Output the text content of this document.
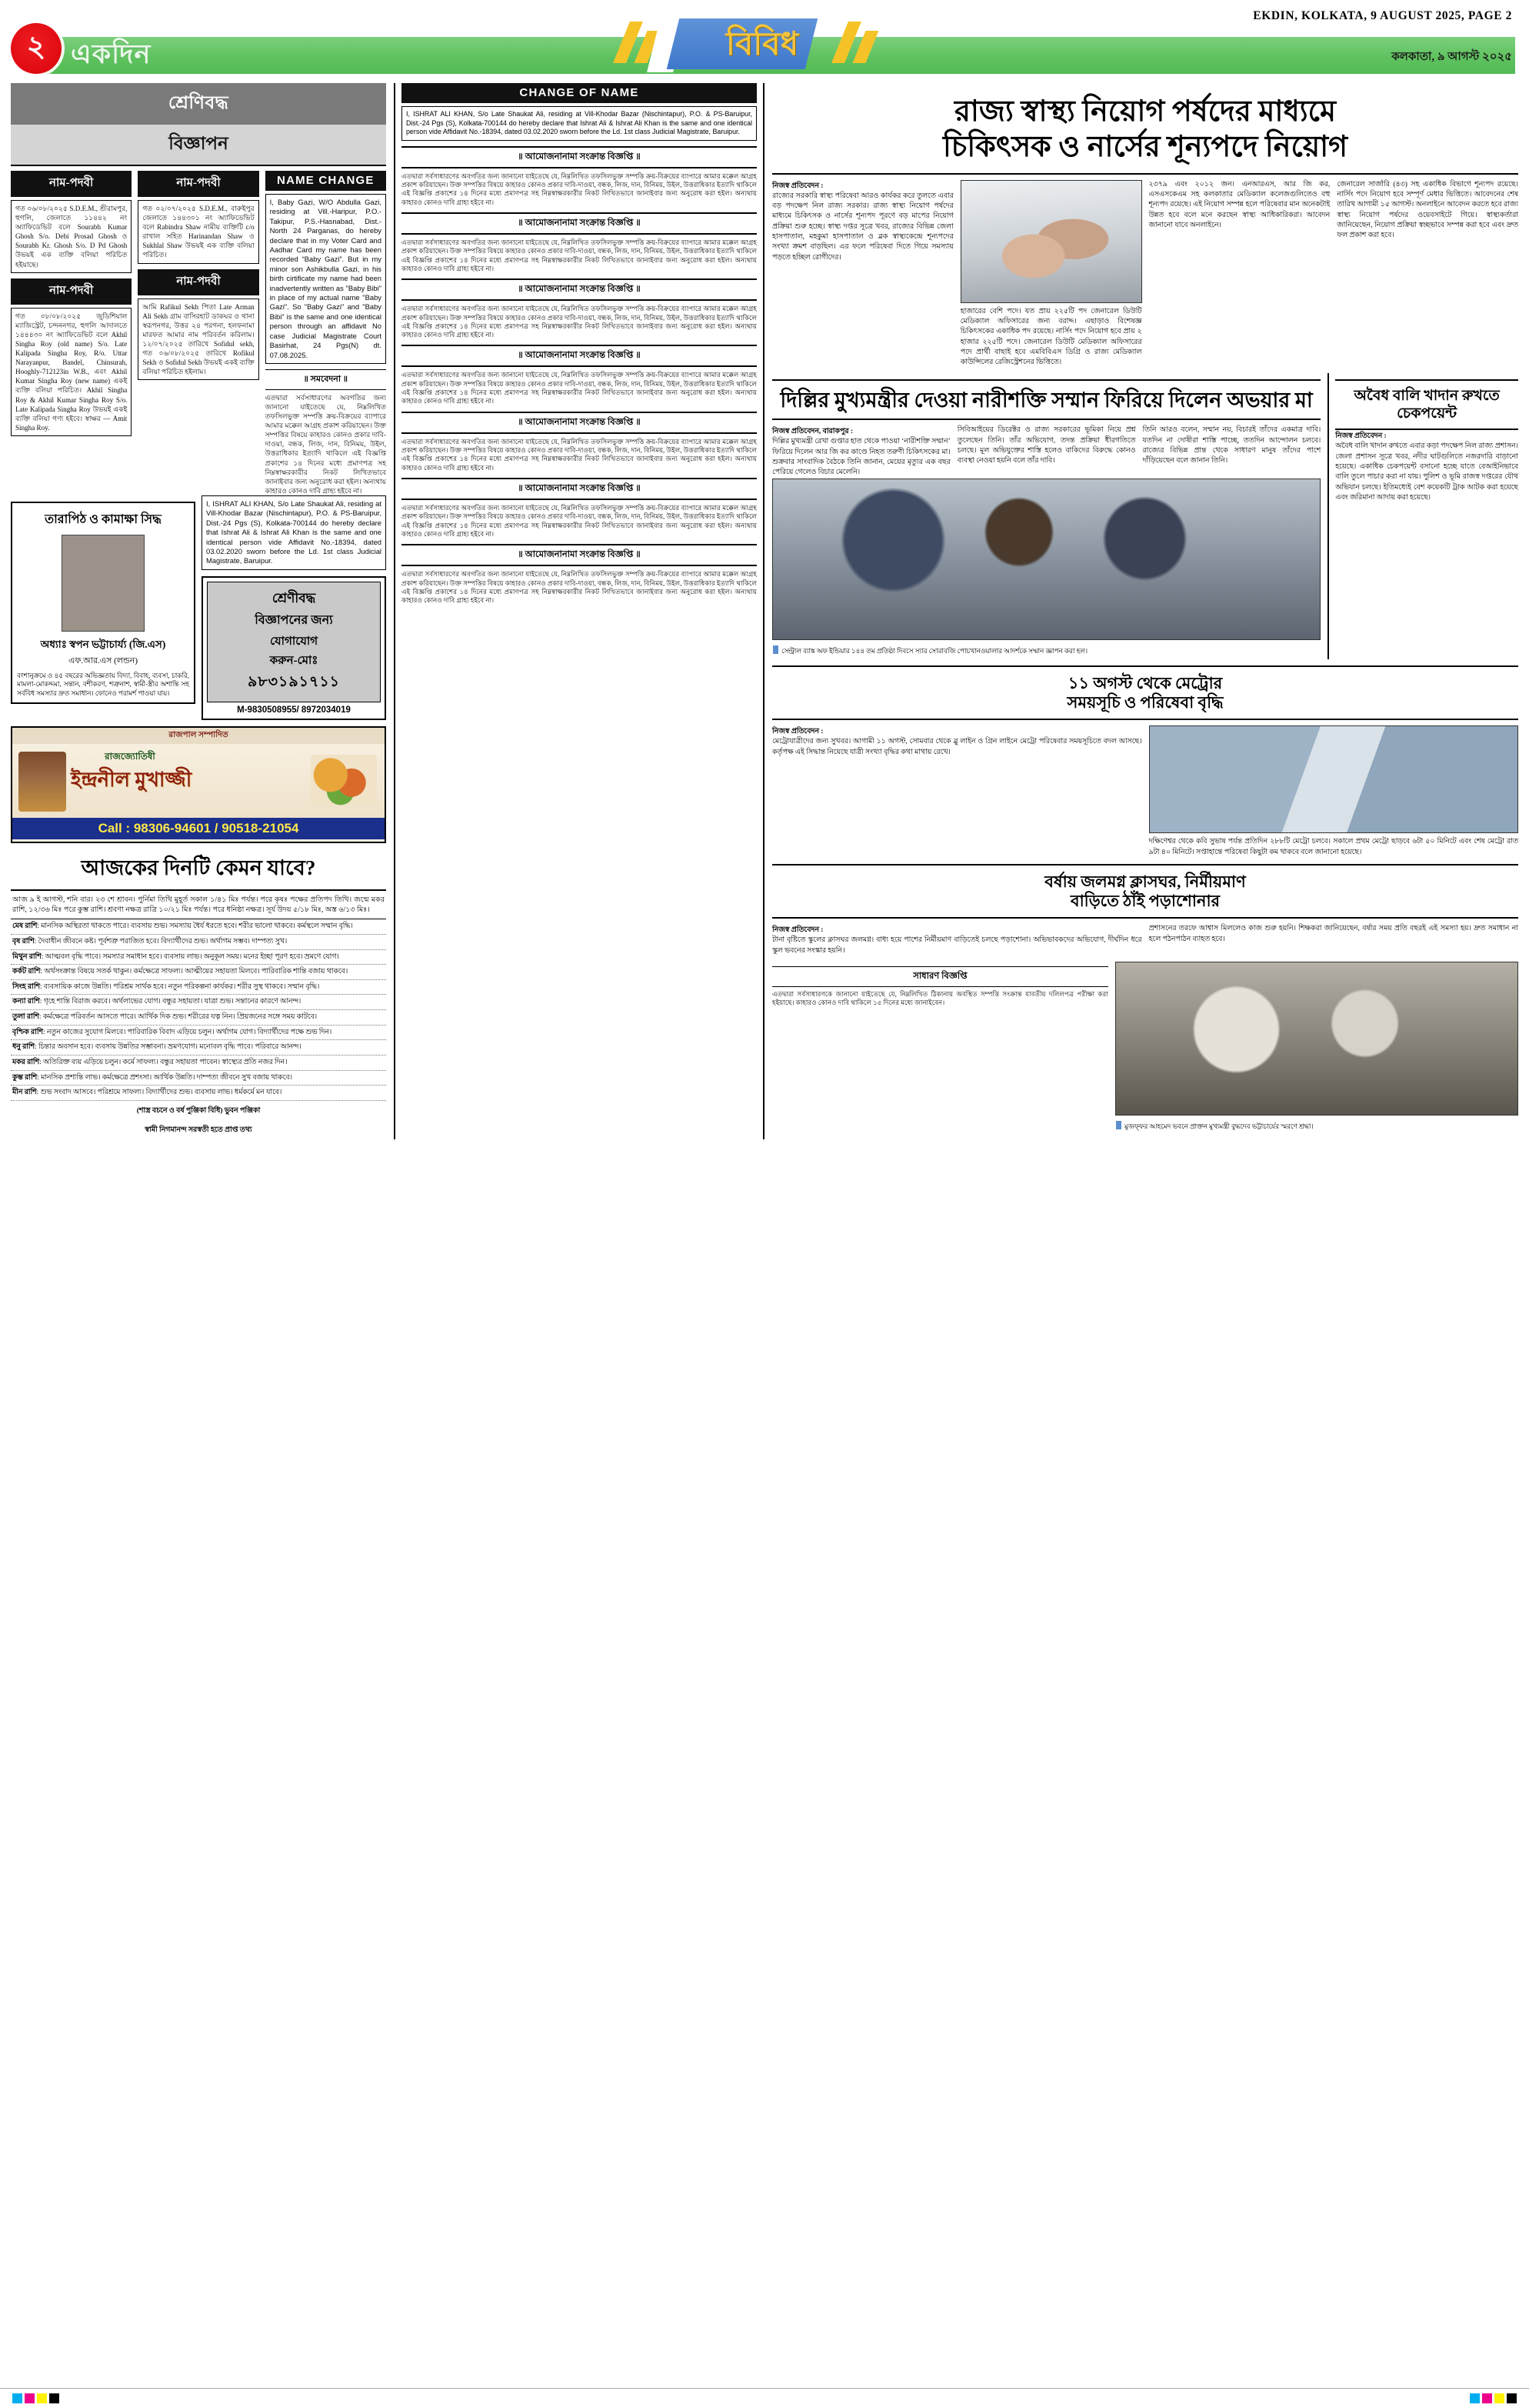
২ একদিন	বিবিধ
EKDIN, KOLKATA, 9 AUGUST 2025, PAGE 2
কলকাতা, ৯ আগস্ট ২০২৫
শ্রেণিবদ্ধ
বিজ্ঞাপন
নাম-পদবী
গত ০৬/০৮/২০২৫ S.D.E.M., শ্রীরামপুর, হুগলি, জেলাতে ১১৪৪২ নং অ্যাফিডেভিট বলে Sourabh Kumar Ghosh S/o. Debi Prosad Ghosh ও Sourabh Kr. Ghosh S/o. D Pd Ghosh উভয়ই এক ব্যক্তি বলিয়া পরিচিত হইয়াছে।
নাম-পদবী
গত ০৮/০৮/২০২৫ জুডিশিয়াল ম্যাজিস্ট্রেট, চন্দননগর, হুগলি আদালতে ১৪৪৪৩০ নং অ্যাফিডেভিট বলে Akhil Singha Roy (old name) S/o. Late Kalipada Singha Roy, R/o. Uttar Narayanpur, Bandel, Chinsurah, Hooghly-712123in W.B., এবং Akhil Kumar Singha Roy (new name) একই ব্যক্তি বলিয়া পরিচিত। Akhil Singha Roy & Akhil Kumar Singha Roy S/o. Late Kalipada Singha Roy উভয়ই একই ব্যক্তি বলিয়া গণ্য হইবে। স্বাক্ষর — Amit Singha Roy.
নাম-পদবী
গত ০২/০৭/২০২৫ S.D.E.M., বারুইপুর জেলাতে ১৪৪৩০১ নং অ্যাফিডেভিট বলে Rabindra Shaw নামীয় ব্যক্তিটি c/o রাখাল সহিত Harinandan Shaw ও Sukhlal Shaw উভয়ই এক ব্যক্তি বলিয়া পরিচিত।
নাম-পদবী
আমি Rafikul Sekh পিতা Late Arman Ali Sekh গ্রাম বাসিরহাট ডাকঘর ও থানা স্বরূপনগর, উত্তর ২৪ পরগনা, হলফনামা মারফত আমার নাম পরিবর্তন করিলাম। ১২/০৭/২০২৫ তারিখে Sofidul sekh, গত ০৬/০৮/২০২৫ তারিখে Rofikul Sekh ও Sofidul Sekh উভয়ই একই ব্যক্তি বলিয়া পরিচিত হইলাম।
NAME CHANGE
I, Baby Gazi, W/O Abdulla Gazi, residing at Vill.-Haripur, P.O.-Takipur, P.S.-Hasnabad, Dist.-North 24 Parganas, do hereby declare that in my Voter Card and Aadhar Card my name has been recorded “Baby Gazi”. But in my minor son Ashikbulla Gazi, in his birth cirtificate my name had been inadvertently written as "Baby Bibi" in place of my actual name "Baby Gazi". So "Baby Gazi" and "Baby Bibi" is the same and one identical person through an affidavit No case Judicial Magistrate Court Basirhat, 24 Pgs(N) dt. 07.08.2025.
॥ সমবেদনা ॥
এতদ্বারা সর্বসাধারণের অবগতির জন্য জানানো যাইতেছে যে, নিম্নলিখিত তফসিলভুক্ত সম্পত্তি ক্রয়-বিক্রয়ের ব্যাপারে আমার মক্কেল আগ্রহ প্রকাশ করিয়াছেন। উক্ত সম্পত্তির বিষয়ে কাহারও কোনও প্রকার দাবি-দাওয়া, বন্ধক, লিজ, দান, বিনিময়, উইল, উত্তরাধিকার ইত্যাদি থাকিলে এই বিজ্ঞপ্তি প্রকাশের ১৪ দিনের মধ্যে প্রমাণপত্র সহ নিম্নস্বাক্ষরকারীর নিকট লিখিতভাবে জানাইবার জন্য অনুরোধ করা হইল। অন্যথায় কাহারও কোনও দাবি গ্রাহ্য হইবে না।
তারাপিঠ ও কামাক্ষা সিদ্ধ
অধ্যাঃ স্বপন ভট্টাচার্য্য (জি.এস)
এফ.আর.এস (লন্ডন)
বংশানুক্রমে ও ৪৫ বছরের অভিজ্ঞতায় বিদ্যা, বিবাহ, ব্যবসা, চাকরি, মামলা-মোকদ্দমা, সন্তান, বশীকরণ, শত্রুনাশ, স্বামী-স্ত্রীর অশান্তি সহ সর্ববিধ সমস্যার দ্রুত সমাধান। ফোনেও পরামর্শ পাওয়া যায়।
I, ISHRAT ALI KHAN, S/o Late Shaukat Ali, residing at Vill-Khodar Bazar (Nischintapur), P.O. & PS-Baruipur, Dist.-24 Pgs (S), Kolkata-700144 do hereby declare that Ishrat Ali & Ishrat Ali Khan is the same and one identical person vide Affidavit No.-18394, dated 03.02.2020 sworn before the Ld. 1st class Judicial Magistrate, Baruipur.
শ্রেণীবদ্ধ
বিজ্ঞাপনের জন্য
যোগাযোগ
করুন-মোঃ
৯৮৩১৯১৭১১
M-9830508955/ 8972034019
রাজপাল সম্পাদিত
রাজজ্যোতিষী
ইন্দ্রনীল মুখাজ্জী
Call : 98306-94601 / 90518-21054
আজকের দিনটি কেমন যাবে?
আজ ৯ ই আগস্ট, শনি বার। ২৩ শে শ্রাবন। পুর্নিমা তিথি মুহূর্ত সকাল ১/৪১ মিঃ পর্যন্ত। পরে কৃষঃ পক্ষের প্রতিপদ তিথি। জন্মে মকর রাশি, ১২/৩৬ মিঃ পরে কুম্ভ রাশি। শ্রবণা নক্ষত্র রাত্রি ১০/২১ মিঃ পর্যন্ত। পরে ধনিষ্ঠা নক্ষত্র। সূর্য উদয় ৫/১৮ মিঃ, অস্ত ৬/১৩ মিঃ।
মেষ রাশি: মানসিক অস্থিরতা থাকতে পারে। ব্যবসায় শুভ। সমস্যায় ধৈর্য ধরতে হবে। শরীর ভালো থাকবে। কর্মস্থলে সম্মান বৃদ্ধি।
বৃষ রাশি: দৈবাধীন জীবনে কষ্ট। পূর্বশত্রু পরাজিত হবে। বিদ্যার্থীদের শুভ। অর্থাগম সম্ভব। দাম্পত্য সুখ।
মিথুন রাশি: আত্মবল বৃদ্ধি পাবে। সমস্যার সমাধান হবে। ব্যবসায় লাভ। অনুকূল সময়। মনের ইচ্ছা পূরণ হবে। ভ্রমণে যোগ।
কর্কট রাশি: অর্থসংক্রান্ত বিষয়ে সতর্ক থাকুন। কর্মক্ষেত্রে সাফল্য। আত্মীয়ের সহায়তা মিলবে। পারিবারিক শান্তি বজায় থাকবে।
সিংহ রাশি: ব্যবসায়িক কাজে উন্নতি। পরিশ্রম সার্থক হবে। নতুন পরিকল্পনা কার্যকর। শরীর সুস্থ থাকবে। সম্মান বৃদ্ধি।
কন্যা রাশি: গৃহে শান্তি বিরাজ করবে। অর্থলাভের যোগ। বন্ধুর সহায়তা। যাত্রা শুভ। সন্তানের কারণে আনন্দ।
তুলা রাশি: কর্মক্ষেত্রে পরিবর্তন আসতে পারে। আর্থিক দিক শুভ। শরীরের যত্ন নিন। প্রিয়জনের সঙ্গে সময় কাটবে।
বৃশ্চিক রাশি: নতুন কাজের সুযোগ মিলবে। পারিবারিক বিবাদ এড়িয়ে চলুন। অর্থাগম যোগ। বিদ্যার্থীদের পক্ষে শুভ দিন।
ধনু রাশি: চিন্তার অবসান হবে। ব্যবসায় উন্নতির সম্ভাবনা। ভ্রমণযোগ। মনোবল বৃদ্ধি পাবে। পরিবারে আনন্দ।
মকর রাশি: অতিরিক্ত ব্যয় এড়িয়ে চলুন। কর্মে সাফল্য। বন্ধুর সহায়তা পাবেন। স্বাস্থ্যের প্রতি নজর দিন।
কুম্ভ রাশি: মানসিক প্রশান্তি লাভ। কর্মক্ষেত্রে প্রশংসা। আর্থিক উন্নতি। দাম্পত্য জীবনে সুখ বজায় থাকবে।
মীন রাশি: শুভ সংবাদ আসবে। পরিশ্রমে সাফল্য। বিদ্যার্থীদের শুভ। ব্যবসায় লাভ। ধর্মকর্মে মন যাবে।
(শাস্ত্র বচনে ও বর্ষ পুঞ্জিকা বিধি) ভুবন পঞ্জিকা
স্বামী নিগমানন্দ সরস্বতী হতে প্রাপ্ত তথ্য
CHANGE OF NAME
I, ISHRAT ALI KHAN, S/o Late Shaukat Ali, residing at Vill-Khodar Bazar (Nischintapur), P.O. & PS-Baruipur, Dist.-24 Pgs (S), Kolkata-700144 do hereby declare that Ishrat Ali & Ishrat Ali Khan is the same and one identical person vide Affidavit No.-18394, dated 03.02.2020 sworn before the Ld. 1st class Judicial Magistrate, Baruipur.
॥ আমোজনানামা সংক্রান্ত বিজ্ঞপ্তি ॥
এতদ্বারা সর্বসাধারণের অবগতির জন্য জানানো যাইতেছে যে, নিম্নলিখিত তফসিলভুক্ত সম্পত্তি ক্রয়-বিক্রয়ের ব্যাপারে আমার মক্কেল আগ্রহ প্রকাশ করিয়াছেন। উক্ত সম্পত্তির বিষয়ে কাহারও কোনও প্রকার দাবি-দাওয়া, বন্ধক, লিজ, দান, বিনিময়, উইল, উত্তরাধিকার ইত্যাদি থাকিলে এই বিজ্ঞপ্তি প্রকাশের ১৪ দিনের মধ্যে প্রমাণপত্র সহ নিম্নস্বাক্ষরকারীর নিকট লিখিতভাবে জানাইবার জন্য অনুরোধ করা হইল। অন্যথায় কাহারও কোনও দাবি গ্রাহ্য হইবে না।
॥ আমোজনানামা সংক্রান্ত বিজ্ঞপ্তি ॥
এতদ্বারা সর্বসাধারণের অবগতির জন্য জানানো যাইতেছে যে, নিম্নলিখিত তফসিলভুক্ত সম্পত্তি ক্রয়-বিক্রয়ের ব্যাপারে আমার মক্কেল আগ্রহ প্রকাশ করিয়াছেন। উক্ত সম্পত্তির বিষয়ে কাহারও কোনও প্রকার দাবি-দাওয়া, বন্ধক, লিজ, দান, বিনিময়, উইল, উত্তরাধিকার ইত্যাদি থাকিলে এই বিজ্ঞপ্তি প্রকাশের ১৪ দিনের মধ্যে প্রমাণপত্র সহ নিম্নস্বাক্ষরকারীর নিকট লিখিতভাবে জানাইবার জন্য অনুরোধ করা হইল। অন্যথায় কাহারও কোনও দাবি গ্রাহ্য হইবে না।
॥ আমোজনানামা সংক্রান্ত বিজ্ঞপ্তি ॥
এতদ্বারা সর্বসাধারণের অবগতির জন্য জানানো যাইতেছে যে, নিম্নলিখিত তফসিলভুক্ত সম্পত্তি ক্রয়-বিক্রয়ের ব্যাপারে আমার মক্কেল আগ্রহ প্রকাশ করিয়াছেন। উক্ত সম্পত্তির বিষয়ে কাহারও কোনও প্রকার দাবি-দাওয়া, বন্ধক, লিজ, দান, বিনিময়, উইল, উত্তরাধিকার ইত্যাদি থাকিলে এই বিজ্ঞপ্তি প্রকাশের ১৪ দিনের মধ্যে প্রমাণপত্র সহ নিম্নস্বাক্ষরকারীর নিকট লিখিতভাবে জানাইবার জন্য অনুরোধ করা হইল। অন্যথায় কাহারও কোনও দাবি গ্রাহ্য হইবে না।
॥ আমোজনানামা সংক্রান্ত বিজ্ঞপ্তি ॥
এতদ্বারা সর্বসাধারণের অবগতির জন্য জানানো যাইতেছে যে, নিম্নলিখিত তফসিলভুক্ত সম্পত্তি ক্রয়-বিক্রয়ের ব্যাপারে আমার মক্কেল আগ্রহ প্রকাশ করিয়াছেন। উক্ত সম্পত্তির বিষয়ে কাহারও কোনও প্রকার দাবি-দাওয়া, বন্ধক, লিজ, দান, বিনিময়, উইল, উত্তরাধিকার ইত্যাদি থাকিলে এই বিজ্ঞপ্তি প্রকাশের ১৪ দিনের মধ্যে প্রমাণপত্র সহ নিম্নস্বাক্ষরকারীর নিকট লিখিতভাবে জানাইবার জন্য অনুরোধ করা হইল। অন্যথায় কাহারও কোনও দাবি গ্রাহ্য হইবে না।
॥ আমোজনানামা সংক্রান্ত বিজ্ঞপ্তি ॥
এতদ্বারা সর্বসাধারণের অবগতির জন্য জানানো যাইতেছে যে, নিম্নলিখিত তফসিলভুক্ত সম্পত্তি ক্রয়-বিক্রয়ের ব্যাপারে আমার মক্কেল আগ্রহ প্রকাশ করিয়াছেন। উক্ত সম্পত্তির বিষয়ে কাহারও কোনও প্রকার দাবি-দাওয়া, বন্ধক, লিজ, দান, বিনিময়, উইল, উত্তরাধিকার ইত্যাদি থাকিলে এই বিজ্ঞপ্তি প্রকাশের ১৪ দিনের মধ্যে প্রমাণপত্র সহ নিম্নস্বাক্ষরকারীর নিকট লিখিতভাবে জানাইবার জন্য অনুরোধ করা হইল। অন্যথায় কাহারও কোনও দাবি গ্রাহ্য হইবে না।
॥ আমোজনানামা সংক্রান্ত বিজ্ঞপ্তি ॥
এতদ্বারা সর্বসাধারণের অবগতির জন্য জানানো যাইতেছে যে, নিম্নলিখিত তফসিলভুক্ত সম্পত্তি ক্রয়-বিক্রয়ের ব্যাপারে আমার মক্কেল আগ্রহ প্রকাশ করিয়াছেন। উক্ত সম্পত্তির বিষয়ে কাহারও কোনও প্রকার দাবি-দাওয়া, বন্ধক, লিজ, দান, বিনিময়, উইল, উত্তরাধিকার ইত্যাদি থাকিলে এই বিজ্ঞপ্তি প্রকাশের ১৪ দিনের মধ্যে প্রমাণপত্র সহ নিম্নস্বাক্ষরকারীর নিকট লিখিতভাবে জানাইবার জন্য অনুরোধ করা হইল। অন্যথায় কাহারও কোনও দাবি গ্রাহ্য হইবে না।
॥ আমোজনানামা সংক্রান্ত বিজ্ঞপ্তি ॥
এতদ্বারা সর্বসাধারণের অবগতির জন্য জানানো যাইতেছে যে, নিম্নলিখিত তফসিলভুক্ত সম্পত্তি ক্রয়-বিক্রয়ের ব্যাপারে আমার মক্কেল আগ্রহ প্রকাশ করিয়াছেন। উক্ত সম্পত্তির বিষয়ে কাহারও কোনও প্রকার দাবি-দাওয়া, বন্ধক, লিজ, দান, বিনিময়, উইল, উত্তরাধিকার ইত্যাদি থাকিলে এই বিজ্ঞপ্তি প্রকাশের ১৪ দিনের মধ্যে প্রমাণপত্র সহ নিম্নস্বাক্ষরকারীর নিকট লিখিতভাবে জানাইবার জন্য অনুরোধ করা হইল। অন্যথায় কাহারও কোনও দাবি গ্রাহ্য হইবে না।
রাজ্য স্বাস্থ্য নিয়োগ পর্ষদের মাধ্যমে
চিকিৎসক ও নার্সের শূন্যপদে নিয়োগ
নিজস্ব প্রতিবেদন :
রাজ্যের সরকারি স্বাস্থ্য পরিষেবা আরও কার্যকর করে তুলতে এবার বড় পদক্ষেপ নিল রাজ্য সরকার। রাজ্য স্বাস্থ্য নিয়োগ পর্ষদের মাধ্যমে চিকিৎসক ও নার্সের শূন্যপদ পূরণে বড় মাপের নিয়োগ প্রক্রিয়া শুরু হচ্ছে। স্বাস্থ্য দপ্তর সূত্রে খবর, রাজ্যের বিভিন্ন জেলা হাসপাতাল, মহকুমা হাসপাতাল ও ব্লক স্বাস্থ্যকেন্দ্রে শূন্যপদের সংখ্যা ক্রমশ বাড়ছিল। এর ফলে পরিষেবা দিতে গিয়ে সমস্যায় পড়তে হচ্ছিল রোগীদের।
হাজারের বেশি পদে। যত প্রায় ২২৫টি পদ জেনারেল ডিউটি মেডিক্যাল অফিসারের জন্য বরাদ্দ। এছাড়াও বিশেষজ্ঞ চিকিৎসকের একাধিক পদ রয়েছে। নার্সিং পদে নিয়োগ হবে প্রায় ২ হাজার ২২৫টি পদে। জেনারেল ডিউটি মেডিক্যাল অফিসারের পদে প্রার্থী বাছাই হবে এমবিবিএস ডিগ্রি ও রাজ্য মেডিক্যাল কাউন্সিলের রেজিস্ট্রেশনের ভিত্তিতে।
২৩৭৯ এবং ২০১২ জন। এনআরএস, আর জি কর, এসএসকেএম সহ কলকাতার মেডিক্যাল কলেজগুলিতেও বহু শূন্যপদ রয়েছে। এই নিয়োগ সম্পন্ন হলে পরিষেবার মান অনেকটাই উন্নত হবে বলে মনে করছেন স্বাস্থ্য আধিকারিকরা। আবেদন জানানো যাবে অনলাইনে।
জেনারেল সার্জারি (৪৩) সহ একাধিক বিভাগে শূন্যপদ রয়েছে। নার্সিং পদে নিয়োগ হবে সম্পূর্ণ মেধার ভিত্তিতে। আবেদনের শেষ তারিখ আগামী ১৫ আগস্ট। অনলাইনে আবেদন করতে হবে রাজ্য স্বাস্থ্য নিয়োগ পর্ষদের ওয়েবসাইটে গিয়ে। স্বাস্থ্যকর্তারা জানিয়েছেন, নিয়োগ প্রক্রিয়া স্বচ্ছভাবে সম্পন্ন করা হবে এবং দ্রুত ফল প্রকাশ করা হবে।
দিল্লির মুখ্যমন্ত্রীর দেওয়া নারীশক্তি সম্মান ফিরিয়ে দিলেন অভয়ার মা
নিজস্ব প্রতিবেদন, বারাকপুর :
দিল্লির মুখ্যমন্ত্রী রেখা গুপ্তার হাত থেকে পাওয়া ‘নারীশক্তি সম্মান’ ফিরিয়ে দিলেন আর জি কর কাণ্ডে নিহত তরুণী চিকিৎসকের মা। শুক্রবার সাংবাদিক বৈঠকে তিনি জানান, মেয়ের মৃত্যুর এক বছর পেরিয়ে গেলেও বিচার মেলেনি।
সিবিআইয়ের ডিরেক্টর ও রাজ্য সরকারের ভূমিকা নিয়ে প্রশ্ন তুলেছেন তিনি। তাঁর অভিযোগ, তদন্ত প্রক্রিয়া ধীরগতিতে চলছে। মূল অভিযুক্তের শাস্তি হলেও বাকিদের বিরুদ্ধে কোনও ব্যবস্থা নেওয়া হয়নি বলে তাঁর দাবি।
তিনি আরও বলেন, সম্মান নয়, বিচারই তাঁদের একমাত্র দাবি। যতদিন না দোষীরা শাস্তি পাচ্ছে, ততদিন আন্দোলন চলবে। রাজ্যের বিভিন্ন প্রান্ত থেকে সাধারণ মানুষ তাঁদের পাশে দাঁড়িয়েছেন বলে জানান তিনি।
সেন্ট্রাল ব্যাঙ্ক অফ ইন্ডিয়ার ১৪৪ তম প্রতিষ্ঠা দিবসে স্যার সোরাবজি পোচখানওয়ালার আদর্শকে সম্মান জ্ঞাপন করা হল।
অবৈধ বালি খাদান রুখতে চেকপয়েন্ট
নিজস্ব প্রতিবেদন :
অবৈধ বালি খাদান রুখতে এবার কড়া পদক্ষেপ নিল রাজ্য প্রশাসন। জেলা প্রশাসন সূত্রে খবর, নদীর ঘাটগুলিতে নজরদারি বাড়ানো হয়েছে। একাধিক চেকপয়েন্ট বসানো হচ্ছে যাতে বেআইনিভাবে বালি তুলে পাচার করা না যায়। পুলিশ ও ভূমি রাজস্ব দপ্তরের যৌথ অভিযান চলছে। ইতিমধ্যেই বেশ কয়েকটি ট্রাক আটক করা হয়েছে এবং জরিমানা আদায় করা হয়েছে।
১১ অগস্ট থেকে মেট্রোর
সময়সূচি ও পরিষেবা বৃদ্ধি
নিজস্ব প্রতিবেদন :
মেট্রোযাত্রীদের জন্য সুখবর। আগামী ১১ অগস্ট, সোমবার থেকে ব্লু লাইন ও গ্রিন লাইনে মেট্রো পরিষেবার সময়সূচিতে বদল আসছে। কর্তৃপক্ষ এই সিদ্ধান্ত নিয়েছে যাত্রী সংখ্যা বৃদ্ধির কথা মাথায় রেখে।
দক্ষিণেশ্বর থেকে কবি সুভাষ পর্যন্ত প্রতিদিন ২৮৮টি মেট্রো চলবে। সকালে প্রথম মেট্রো ছাড়বে ৬টা ৫০ মিনিটে এবং শেষ মেট্রো রাত ৯টা ৪০ মিনিটে। সপ্তাহান্তে পরিষেবা কিছুটা কম থাকবে বলে জানানো হয়েছে।
বর্ষায় জলমগ্ন ক্লাসঘর, নির্মীয়মাণ
বাড়িতে ঠাঁই পড়াশোনার
নিজস্ব প্রতিবেদন :
টানা বৃষ্টিতে স্কুলের ক্লাসঘর জলমগ্ন। বাধ্য হয়ে পাশের নির্মীয়মাণ বাড়িতেই চলছে পড়াশোনা। অভিভাবকদের অভিযোগ, দীর্ঘদিন ধরে স্কুল ভবনের সংস্কার হয়নি।
প্রশাসনের তরফে আশ্বাস মিললেও কাজ শুরু হয়নি। শিক্ষকরা জানিয়েছেন, বর্ষার সময় প্রতি বছরই এই সমস্যা হয়। দ্রুত সমাধান না হলে পঠনপাঠন ব্যাহত হবে।
সাধারণ বিজ্ঞপ্তি
এতদ্বারা সর্বসাধারণকে জানানো যাইতেছে যে, নিম্নলিখিত ঠিকানায় অবস্থিত সম্পত্তি সংক্রান্ত যাবতীয় দলিলপত্র পরীক্ষা করা হইয়াছে। কাহারও কোনও দাবি থাকিলে ১৫ দিনের মধ্যে জানাইবেন।
মুজফ্‌ফর আহমেদ ভবনে প্রাক্তন মুখ্যমন্ত্রী বুদ্ধদেব ভট্টাচার্যের স্মরণে শ্রদ্ধা।
